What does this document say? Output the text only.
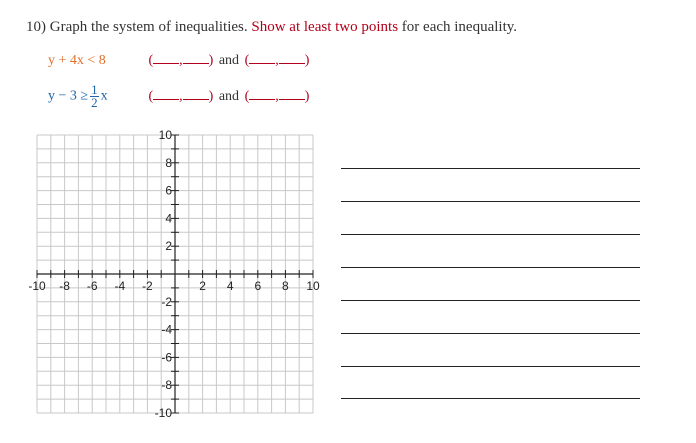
10) Graph the system of inequalities. Show at least two points for each inequality.
y + 4x < 8	( , ) and ( , )
$y - 3 \ge \frac{1}{2}$ x	( , ) and ( , )
-10 -8 -6 -4 -2	2 4 6 8 10
10
8
6
4
2
-2
-4
-6
-8
-10
